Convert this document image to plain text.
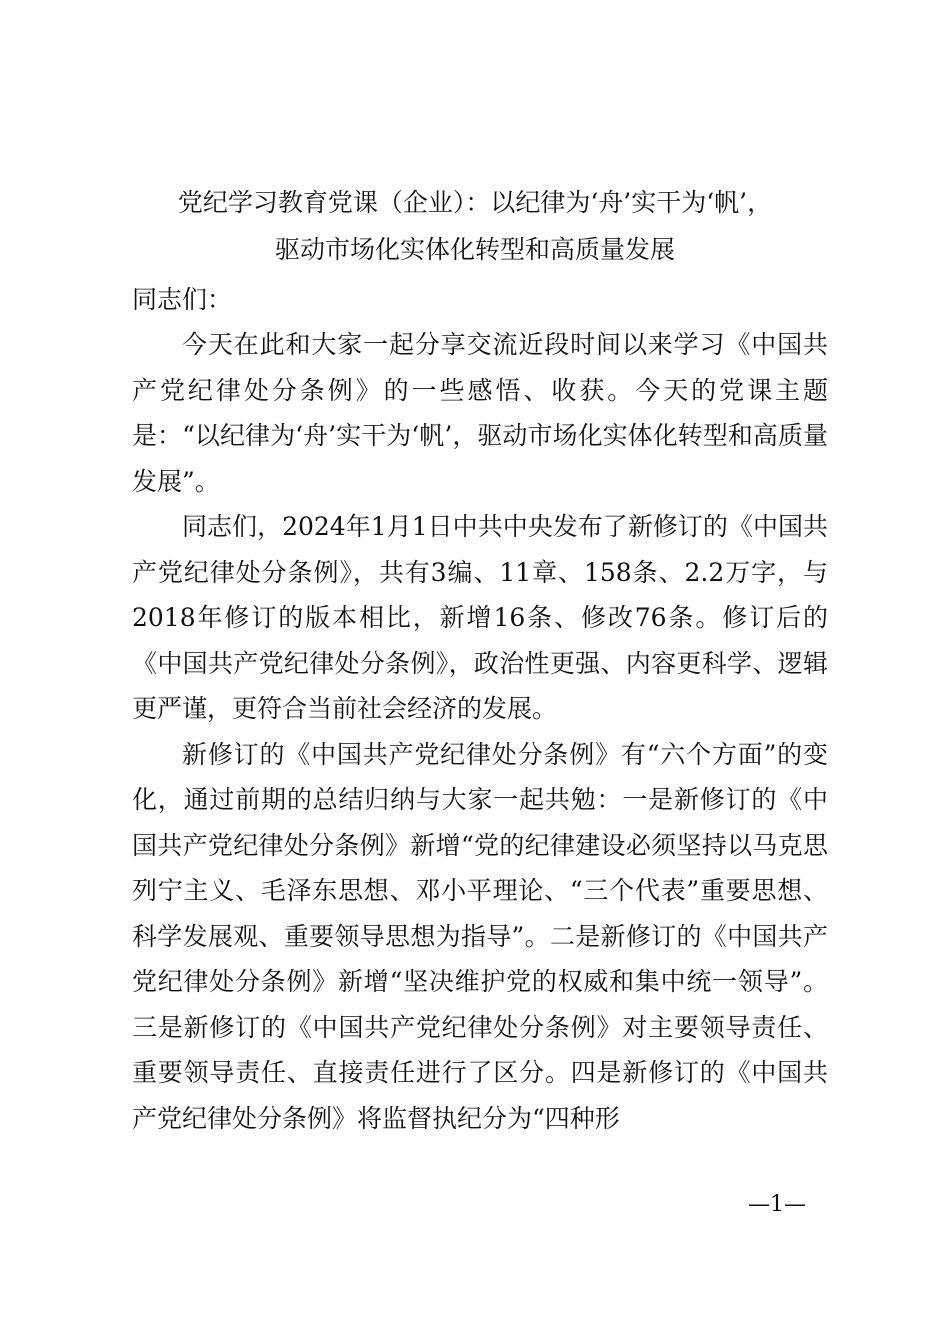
党纪学习教育党课（企业）：以纪律为‘舟’实干为‘帆’，
驱动市场化实体化转型和高质量发展
同志们：

今天在此和大家一起分享交流近段时间以来学习《中国共产党纪律处分条例》的一些感悟、收获。今天的党课主题是：“以纪律为‘舟’实干为‘帆’，驱动市场化实体化转型和高质量发展”。

同志们，2024年1月1日中共中央发布了新修订的《中国共产党纪律处分条例》，共有3编、11章、158条、2.2万字，与2018年修订的版本相比，新增16条、修改76条。修订后的《中国共产党纪律处分条例》，政治性更强、内容更科学、逻辑更严谨，更符合当前社会经济的发展。

新修订的《中国共产党纪律处分条例》有“六个方面”的变化，通过前期的总结归纳与大家一起共勉：一是新修订的《中国共产党纪律处分条例》新增“党的纪律建设必须坚持以马克思列宁主义、毛泽东思想、邓小平理论、“三个代表”重要思想、科学发展观、重要领导思想为指导”。二是新修订的《中国共产党纪律处分条例》新增“坚决维护党的权威和集中统一领导”。三是新修订的《中国共产党纪律处分条例》对主要领导责任、重要领导责任、直接责任进行了区分。四是新修订的《中国共产党纪律处分条例》将监督执纪分为“四种形

—1—
